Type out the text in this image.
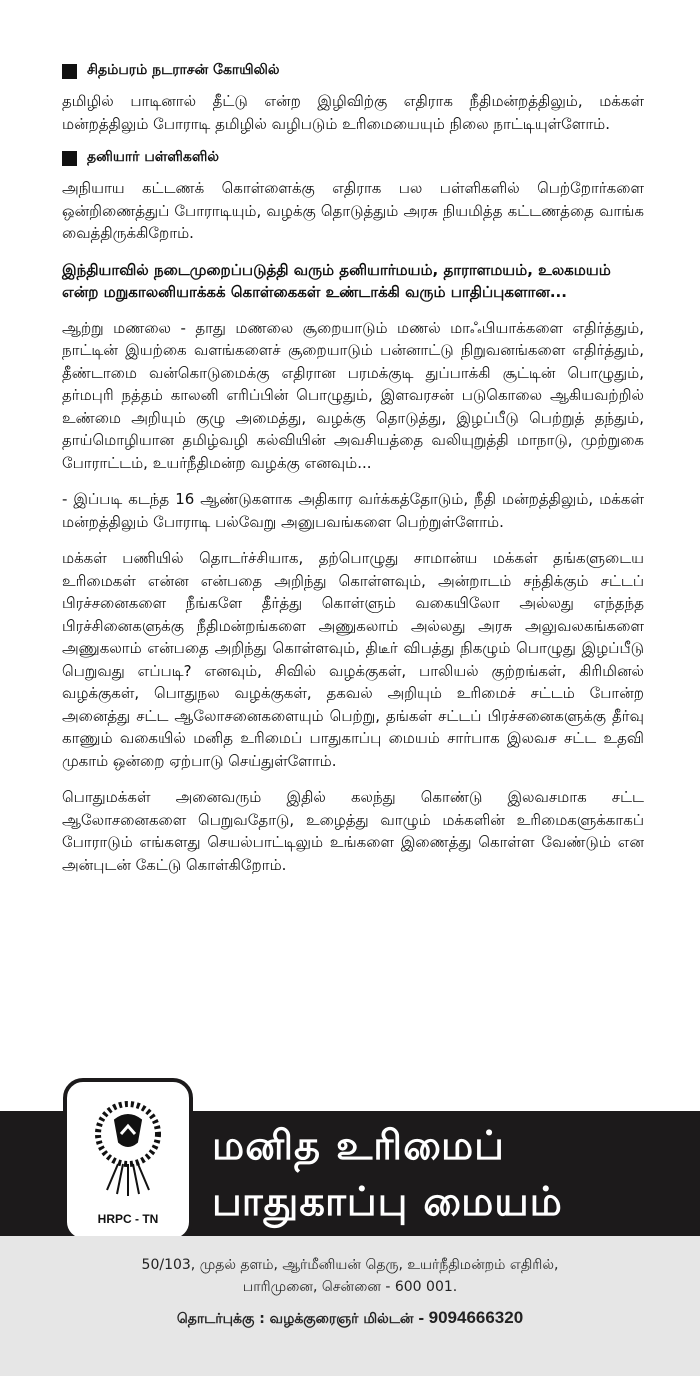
சிதம்பரம் நடராசன் கோயிலில்

தமிழில் பாடினால் தீட்டு என்ற இழிவிற்கு எதிராக நீதிமன்றத்திலும், மக்கள் மன்றத்திலும் போராடி தமிழில் வழிபடும் உரிமையையும் நிலை நாட்டியுள்ளோம்.

தனியார் பள்ளிகளில்

அநியாய கட்டணக் கொள்ளைக்கு எதிராக பல பள்ளிகளில் பெற்றோர்களை ஒன்றிணைத்துப் போராடியும், வழக்கு தொடுத்தும் அரசு நியமித்த கட்டணத்தை வாங்க வைத்திருக்கிறோம்.

இந்தியாவில் நடைமுறைப்படுத்தி வரும் தனியார்மயம், தாராளமயம், உலகமயம் என்ற மறுகாலனியாக்கக் கொள்கைகள் உண்டாக்கி வரும் பாதிப்புகளான...

ஆற்று மணலை - தாது மணலை சூறையாடும் மணல் மாஃபியாக்களை எதிர்த்தும், நாட்டின் இயற்கை வளங்களைச் சூறையாடும் பன்னாட்டு நிறுவனங்களை எதிர்த்தும், தீண்டாமை வன்கொடுமைக்கு எதிரான பரமக்குடி துப்பாக்கி சூட்டின் பொழுதும், தர்மபுரி நத்தம் காலனி எரிப்பின் பொழுதும், இளவரசன் படுகொலை ஆகியவற்றில் உண்மை அறியும் குழு அமைத்து, வழக்கு தொடுத்து, இழப்பீடு பெற்றுத் தந்தும், தாய்மொழியான தமிழ்வழி கல்வியின் அவசியத்தை வலியுறுத்தி மாநாடு, முற்றுகை போராட்டம், உயர்நீதிமன்ற வழக்கு எனவும்...

- இப்படி கடந்த 16 ஆண்டுகளாக அதிகார வர்க்கத்தோடும், நீதி மன்றத்திலும், மக்கள் மன்றத்திலும் போராடி பல்வேறு அனுபவங்களை பெற்றுள்ளோம்.

மக்கள் பணியில் தொடர்ச்சியாக, தற்பொழுது சாமான்ய மக்கள் தங்களுடைய உரிமைகள் என்ன என்பதை அறிந்து கொள்ளவும், அன்றாடம் சந்திக்கும் சட்டப் பிரச்சனைகளை நீங்களே தீர்த்து கொள்ளும் வகையிலோ அல்லது எந்தந்த பிரச்சினைகளுக்கு நீதிமன்றங்களை அணுகலாம் அல்லது அரசு அலுவலகங்களை அணுகலாம் என்பதை அறிந்து கொள்ளவும், திடீர் விபத்து நிகழும் பொழுது இழப்பீடு பெறுவது எப்படி? எனவும், சிவில் வழக்குகள், பாலியல் குற்றங்கள், கிரிமினல் வழக்குகள், பொதுநல வழக்குகள், தகவல் அறியும் உரிமைச் சட்டம் போன்ற அனைத்து சட்ட ஆலோசனைகளையும் பெற்று, தங்கள் சட்டப் பிரச்சனைகளுக்கு தீர்வு காணும் வகையில் மனித உரிமைப் பாதுகாப்பு மையம் சார்பாக இலவச சட்ட உதவி முகாம் ஒன்றை ஏற்பாடு செய்துள்ளோம்.

பொதுமக்கள் அனைவரும் இதில் கலந்து கொண்டு இலவசமாக சட்ட ஆலோசனைகளை பெறுவதோடு, உழைத்து வாழும் மக்களின் உரிமைகளுக்காகப் போராடும் எங்களது செயல்பாட்டிலும் உங்களை இணைத்து கொள்ள வேண்டும் என அன்புடன் கேட்டு கொள்கிறோம்.

HRPC - TN
மனித உரிமைப்
பாதுகாப்பு மையம்
50/103, முதல் தளம், ஆர்மீனியன் தெரு, உயர்நீதிமன்றம் எதிரில்,
பாரிமுனை, சென்னை - 600 001.
தொடர்புக்கு : வழக்குரைஞர் மில்டன் - 9094666320
